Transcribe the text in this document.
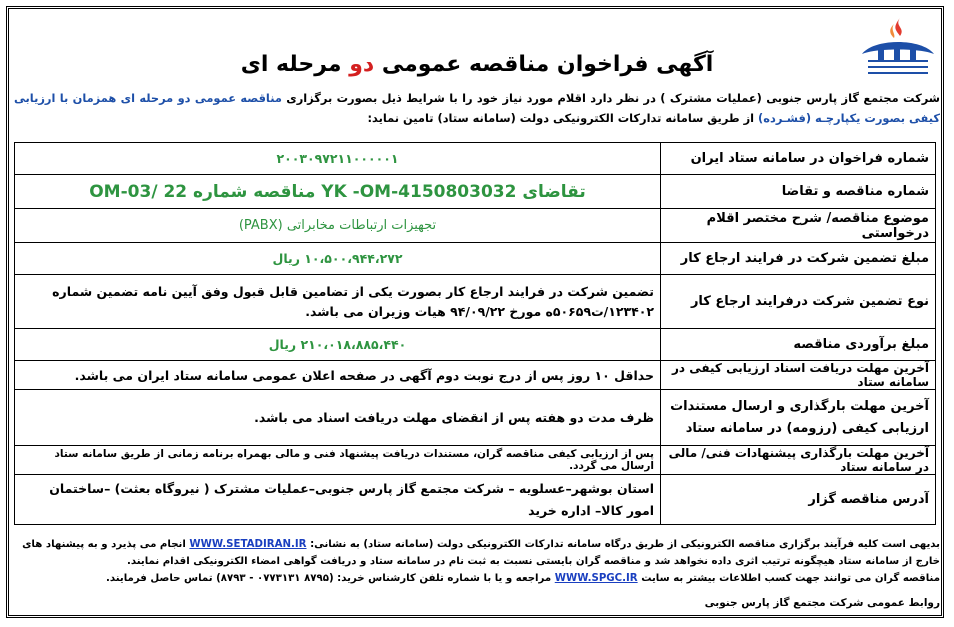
آگهی فراخوان مناقصه عمومی دو مرحله ای
شرکت مجتمع گاز پارس جنوبی (عملیات مشترک ) در نظر دارد اقلام مورد نیاز خود را با شرایط ذیل بصورت برگزاری مناقصه عمومی دو مرحله ای همزمان با ارزیابی کیفی بصورت یکپارچـه (فشـرده) از طریق سامانه تدارکات الکترونیکی دولت (سامانه ستاد) تامین نماید:
شماره فراخوان در سامانه ستاد ایران	۲۰۰۳۰۹۷۲۱۱۰۰۰۰۰۱
شماره مناقصه و تقاضا	تقاضای 4150803032-YK -OM مناقصه شماره 22 /OM-03
موضوع مناقصه/ شرح مختصر اقلام درخواستی	تجهیزات ارتباطات مخابراتی (PABX)
مبلغ تضمین شرکت در فرایند ارجاع کار	۱۰،۵۰۰،۹۴۴،۲۷۲ ریال
نوع تضمین شرکت درفرایند ارجاع کار	تضمین شرکت در فرایند ارجاع کار بصورت یکی از تضامین قابل قبول وفق آیین نامه تضمین شماره ۱۲۳۴۰۲/ت۵۰۶۵۹ه مورخ ۹۴/۰۹/۲۲ هیات وزیران می باشد.
مبلغ برآوردی مناقصه	۲۱۰،۰۱۸،۸۸۵،۴۴۰ ریال
آخرین مهلت دریافت اسناد ارزیابی کیفی در سامانه ستاد	حداقل ۱۰ روز پس از درج نوبت دوم آگهی در صفحه اعلان عمومی سامانه ستاد ایران می باشد.
آخرین مهلت بارگذاری و ارسال مستندات ارزیابی کیفی (رزومه) در سامانه ستاد	ظرف مدت دو هفته پس از انقضای مهلت دریافت اسناد می باشد.
آخرین مهلت بارگذاری پیشنهادات فنی/ مالی در سامانه ستاد	پس از ارزیابی کیفی مناقصه گران، مستندات دریافت پیشنهاد فنی و مالی بهمراه برنامه زمانی از طریق سامانه ستاد ارسال می گردد.
آدرس مناقصه گزار	استان بوشهر–عسلویه – شرکت مجتمع گاز پارس جنوبی–عملیات مشترک ( نیروگاه بعثت) –ساختمان امور کالا– اداره خرید
بدیهی است کلیه فرآیند برگزاری مناقصه الکترونیکی از طریق درگاه سامانه تدارکات الکترونیکی دولت (سامانه ستاد) به نشانی: WWW.SETADIRAN.IR انجام می پذیرد و به پیشنهاد های خارج از سامانه ستاد هیچگونه ترتیب اثری داده نخواهد شد و مناقصه گران بایستی نسبت به ثبت نام در سامانه ستاد و دریافت گواهی امضاء الکترونیکی اقدام نمایند.
مناقصه گران می توانند جهت کسب اطلاعات بیشتر به سایت WWW.SPGC.IR مراجعه و یا با شماره تلفن کارشناس خرید: (۸۷۹۵ ۰۷۷۳۱۳۱ - ۸۷۹۳) تماس حاصل فرمایند.
روابط عمومی شرکت مجتمع گاز پارس جنوبی
